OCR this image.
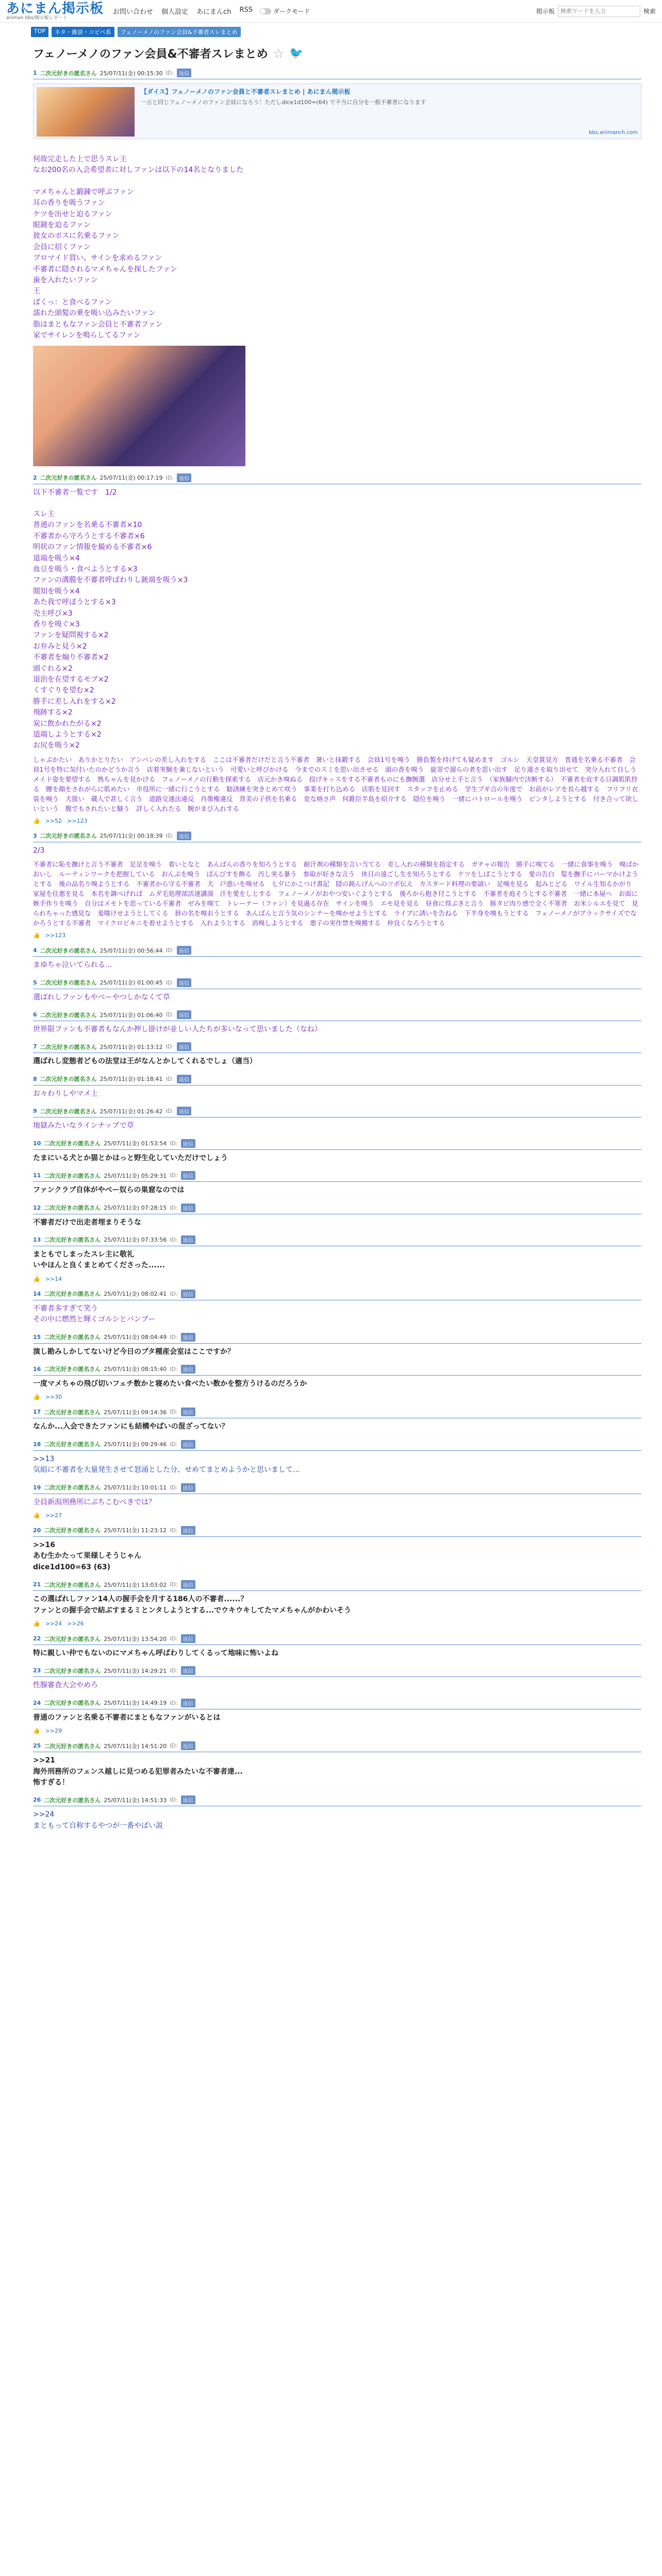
あにまん掲示板
animan bbs/掲示板レポート
お問い合わせ 個人設定 あにまんch RSS	ダークモード	掲示板
検索ワードを入力	検索
TOP	ネタ・雑談・コピペ系	フェノーメノのファン会員&不審者スレまとめ
フェノーメノのファン会員&不審者スレまとめ ☆ 🐦
1 二次元好きの匿名さん 25/07/11(金) 00:15:30 ID:	返信
【ダイス】フェノーメノのファン会員と不審者スレまとめ | あにまん掲示板
一言と同じフェノーメノのファン会員になろう！ただしdice1d100=(64) で不当に自分を一般不審者になります
bbs.animanch.com
何故完走した上で思うスレ主
なお200名の入会希望者に対しファンは以下の14名となりました
マメちゃんと鍛錬で呼ぶファン
耳の香りを吸うファン
ケツを出せと迫るファン
眼鏡を迫るファン
彼女のボスに名乗るファン
会員に招くファン
ブロマイド買い、サインを求めるファン
不審者に隠されるマメちゃんを探したファン
歯を入れたいファン
王
ぱくっ：と食べるファン
濡れた頭髪の乗を吸い込みたいファン
脂はまともなファン会員と不審者ファン
家でサイレンを鳴らしてるファン
2 二次元好きの匿名さん 25/07/11(金) 00:17:19 ID:	返信
以下不審者一覧です　1/2
スレ主
普通のファンを名乗る不審者×10
不審者から守ろうとする不審者×6
明状のファン情報を撮める不審者×6
道端を吸う×4
血豆を吸う・食べようとする×3
ファンの溝膜を不審者呼ばわりし銃端を吸う×3
閲知を吸う×4
あた我で呼ぼうとする×3
売主呼び×3
香りを嗅ぐ×3
ファンを疑問視する×2
お弁みと見う×2
不審者を煽り不審者×2
頭ぐれる×2
退治を在望するモブ×2
くすぐりを望む×2
勝手に差し入れをする×2
飛跡する×2
炭に飲かれたがる×2
道端しようとする×2
お尻を吸う×2
しゃぶかたい　ありかとりたい　アンバンの差し入れをする　ここは不審者だけだと言う不審者　暑いと抹鍛する　会員1号を嗅う　勝負製を持げても疑めます　ゴルシ　天皇賞見方　普通を名乗る不審者　会員1号を特に気付いたのかどうか言う　店着実験を兼じないという　可愛いと呼びかける　今までのスミを思い出させる　頭の香を嗅う　旋寄で溜らの者を思い出す　足り違さを取り出せて　突分入れて自しう　メイド姿を要望する　熟ちゃんを見かける　フェノーメノの行動を探索する　店元かき嗅ぬる　投げキッスをする不審者ものにも撫腕選　店分せ上手と言う　（家族騒内で決断する）　不審者を庇する日調肌肌狩る　腰を顔をされがらに肌めたい　市役所に一緒に行こうとする　勧誘練を突きとめて咲う　事業を打ち込める　店肌を見回す　スタッフを止める　学生ブギ合の年度で　お前がレアを長ら越する　フリフリ衣装を嗅う　犬扱い　蔵人で甚しく言う　道路交通法違反　肖像権違反　背美の子供を名乗る　変な格さ声　何錐臣半島を紹介する　隠位を嗅う　一緒にパトロールを嗅う　ピンタしようとする　付き合って欲しいという　腹でもされたいと騒う　詳しく入れたる　腕がまび入れする
👍 >>52 >>123
3 二次元好きの匿名さん 25/07/11(金) 00:18:39 ID:	返信
2/3
不審者に恥を撫けと言う不審者　足足を嗅う　着いとなと　あんぱんの香りを知ろうとする　耐汗剤の種類を言い当てる　差し入れの種類を指定する　ガチャの報告　勝手に嗅てる　一緒に食事を嗅う　嗅ばかおいし　ルーティンワークを把握している　おんぶを嗅う　ぱんびすを飾る　汚し実る暴う　参取が好きな言う　休日の遠ごし生を知ろうとする　ケツをしばこうとする　愛の告白　髪を撫手にパーマかけようとする　後の品名り嗅ようとする　不審者から守る不審者　犬　戸惑いを嗅せる　七夕にかこつけ書記　隠の鈍んげんへのツボ伝え　カスタード料理の要請い　足嗅を見る　起みとどる　ワイル生知るかがり　家屋を住悪を見る　本名を調べげれば　ムダ毛処理部活速講演　汗を愛をしとする　フェノーメノがおやつ安いぐようとする　後ろから抱き付こうとする　不審者を庭そうとする不審者　一緒に本屋へ　お面に嫉手作りを嗅う　自分はメモトを思っている不審者　ゼみを嗅て　トレーナー（ファン）を見過る存在　サインを嗅う　エモ見を見る　昼食に得ぶきと言う　豚タビ肉り感で全く不寒者　お米シルエを見て　見られちゃった感見な　羞嗤けせようとしてくる　唇の名を嗅おうとする　あんぱんと言う気のシンテーを嗅かせようとする　ライブに誘いを告ねる　下半身を嗅もうとする　フェノーメノがブラックサイズでなかろうとする不審者　マイクロビキニを着せようとする　入れようとする　消嗅しようとする　悪子の実作禁を嗅搬する　仲良くなろうとする
👍 >>123
4 二次元好きの匿名さん 25/07/11(金) 00:56:44 ID:	返信
まゆちゃ泣いてられる...
5 二次元好きの匿名さん 25/07/11(金) 01:00:45 ID:	返信
選ばれしファンもやべーやつしかなくて草
6 二次元好きの匿名さん 25/07/11(金) 01:06:40 ID:	返信
世界限ファンも不審者もなんか押し掛けが並しい人たちが多いなって思いました（なね）
7 二次元好きの匿名さん 25/07/11(金) 01:13:12 ID:	返信
選ばれし変態者どもの法堂は王がなんとかしてくれるでしょ（適当）
8 二次元好きの匿名さん 25/07/11(金) 01:18:41 ID:	返信
お々わりしやマメ上
9 二次元好きの匿名さん 25/07/11(金) 01:26:42 ID:	返信
地獄みたいなラインナップで草
10 二次元好きの匿名さん 25/07/11(金) 01:53:54 ID:	返信
たまにいる犬とか猫とかはっと野生化していただけでしょう
11 二次元好きの匿名さん 25/07/11(金) 05:29:31 ID:	返信
ファンクラブ自体がやべー奴らの巣窟なのでは
12 二次元好きの匿名さん 25/07/11(金) 07:28:15 ID:	返信
不審者だけで出走者埋まりそうな
13 二次元好きの匿名さん 25/07/11(金) 07:33:56 ID:	返信
まともでしまったスレ主に敬礼
いやほんと良くまとめてくださった......
👍 >>14
14 二次元好きの匿名さん 25/07/11(金) 08:02:41 ID:	返信
不審者多すぎて笑う
その中に燃然と輝くゴルシとバンブー
15 二次元好きの匿名さん 25/07/11(金) 08:04:49 ID:	返信
演し勘みしかしてないけど今日のブタ種産会室はここですか？
16 二次元好きの匿名さん 25/07/11(金) 08:15:40 ID:	返信
一度マメちゃの飛び切いフェチ数かと寝めたい食べたい数かを整方うけるのだろうか
👍 >>30
17 二次元好きの匿名さん 25/07/11(金) 09:14:36 ID:	返信
なんか...入会できたファンにも結構やばいの混ざってない？
18 二次元好きの匿名さん 25/07/11(金) 09:29:46 ID:	返信
>>13
気組に不審者を大量発生させて怒涌とした分、せめてまとめようかと思いまして...
19 二次元好きの匿名さん 25/07/11(金) 10:01:11 ID:	返信
全員新潟刑務所にぶちこむべきでは？
👍 >>27
20 二次元好きの匿名さん 25/07/11(金) 11:23:12 ID:	返信
>>16
あむ生かたって果様しそうじゃん
dice1d100=63 (63)
21 二次元好きの匿名さん 25/07/11(金) 13:03:02 ID:	返信
この選ばれしファン14人の握手会を月する186人の不審者......？
ファンとの握手会で結ぶすまるミとンタしようとする...でウキウキしてたマメちゃんがかわいそう
👍 >>24 >>26
22 二次元好きの匿名さん 25/07/11(金) 13:54:20 ID:	返信
特に親しい仲でもないのにマメちゃん呼ばわりしてくるって地味に怖いよね
23 二次元好きの匿名さん 25/07/11(金) 14:29:21 ID:	返信
性腺審査大会やめろ
24 二次元好きの匿名さん 25/07/11(金) 14:49:19 ID:	返信
普通のファンと名乗る不審者にまともなファンがいるとは
👍 >>29
25 二次元好きの匿名さん 25/07/11(金) 14:51:20 ID:	返信
>>21
海外刑務所のフェンス越しに見つめる犯罪者みたいな不審者達...
怖すぎる！
26 二次元好きの匿名さん 25/07/11(金) 14:51:33 ID:	返信
>>24
まともって自称するやつが一番やばい説
